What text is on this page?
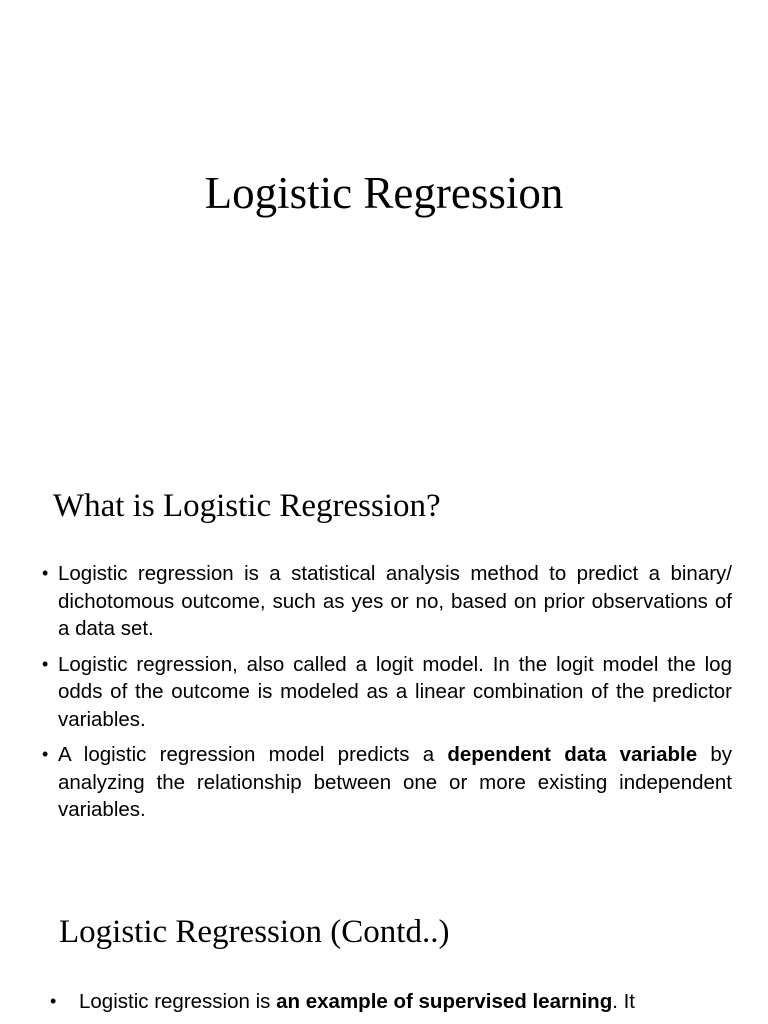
Logistic Regression
What is Logistic Regression?
• Logistic regression is a statistical analysis method to predict a binary/ dichotomous outcome, such as yes or no, based on prior observations of a data set.
• Logistic regression, also called a logit model. In the logit model the log odds of the outcome is modeled as a linear combination of the predictor variables.
• A logistic regression model predicts a dependent data variable by analyzing the relationship between one or more existing independent variables.
Logistic Regression (Contd..)
• Logistic regression is an example of supervised learning. It
